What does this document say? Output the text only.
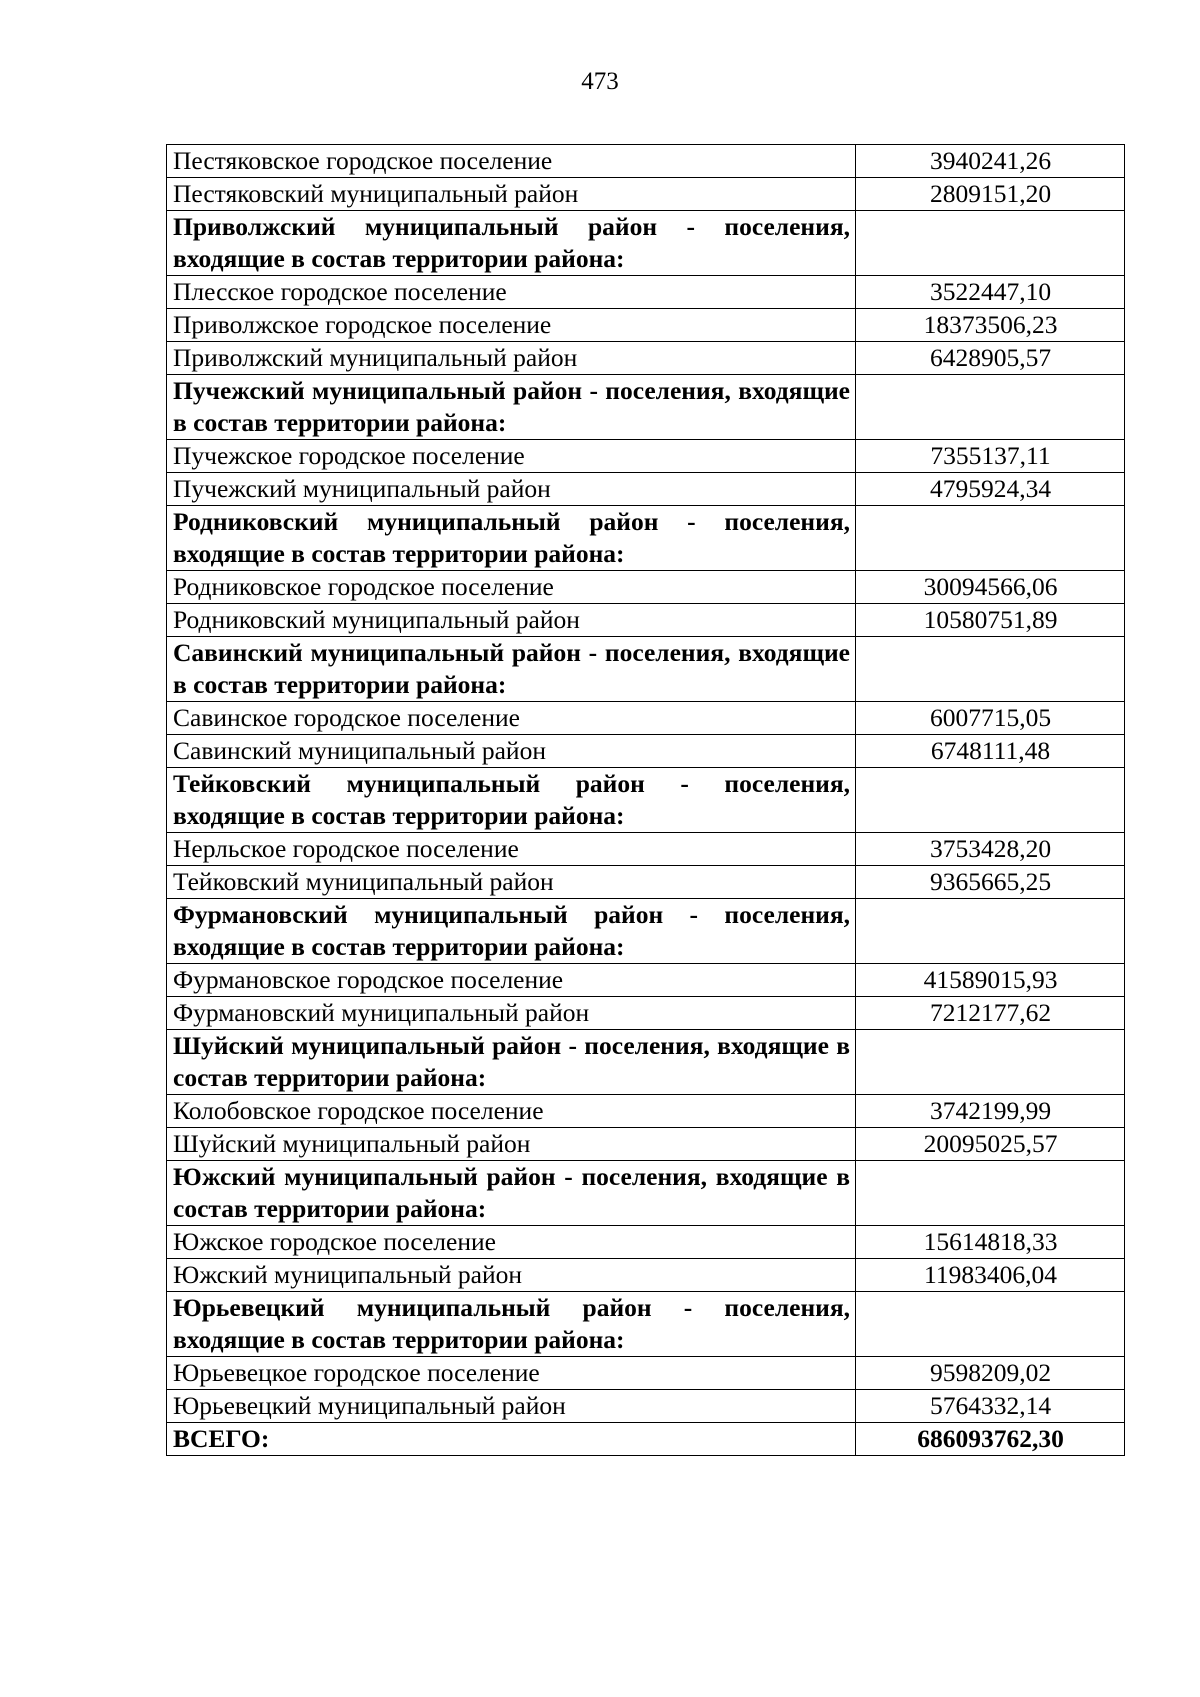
473
Пестяковское городское поселение	3940241,26
Пестяковский муниципальный район	2809151,20
Приволжский муниципальный район - поселения, входящие в состав территории района:	
Плесское городское поселение	3522447,10
Приволжское городское поселение	18373506,23
Приволжский муниципальный район	6428905,57
Пучежский муниципальный район - поселения, входящие в состав территории района:	
Пучежское городское поселение	7355137,11
Пучежский муниципальный район	4795924,34
Родниковский муниципальный район - поселения, входящие в состав территории района:	
Родниковское городское поселение	30094566,06
Родниковский муниципальный район	10580751,89
Савинский муниципальный район - поселения, входящие в состав территории района:	
Савинское городское поселение	6007715,05
Савинский муниципальный район	6748111,48
Тейковский муниципальный район - поселения, входящие в состав территории района:	
Нерльское городское поселение	3753428,20
Тейковский муниципальный район	9365665,25
Фурмановский муниципальный район - поселения, входящие в состав территории района:	
Фурмановское городское поселение	41589015,93
Фурмановский муниципальный район	7212177,62
Шуйский муниципальный район - поселения, входящие в состав территории района:	
Колобовское городское поселение	3742199,99
Шуйский муниципальный район	20095025,57
Южский муниципальный район - поселения, входящие в состав территории района:	
Южское городское поселение	15614818,33
Южский муниципальный район	11983406,04
Юрьевецкий муниципальный район - поселения, входящие в состав территории района:	
Юрьевецкое городское поселение	9598209,02
Юрьевецкий муниципальный район	5764332,14
ВСЕГО:	686093762,30
